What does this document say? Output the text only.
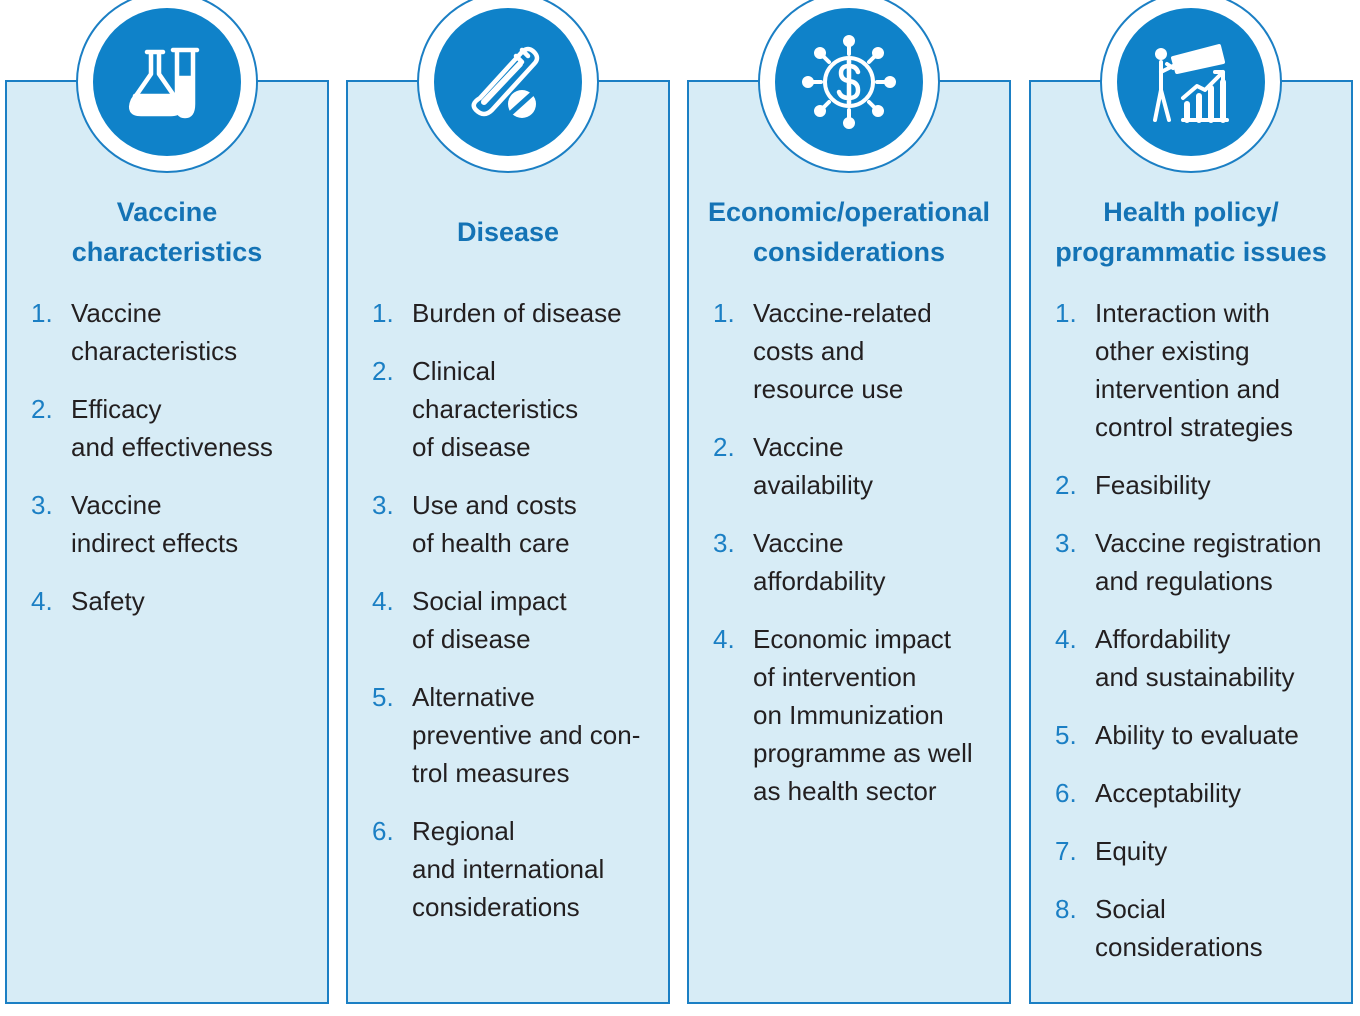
Vaccine
characteristics
1. Vaccine
characteristics
2. Efficacy
and effectiveness
3. Vaccine
indirect effects
4. Safety
Disease
1. Burden of disease
2. Clinical
characteristics
of disease
3. Use and costs
of health care
4. Social impact
of disease
5. Alternative
preventive and con-
trol measures
6. Regional
and international
considerations
Economic/operational
considerations
1. Vaccine-related
costs and
resource use
2. Vaccine
availability
3. Vaccine
affordability
4. Economic impact
of intervention
on Immunization
programme as well
as health sector
Health policy/
programmatic issues
1. Interaction with
other existing
intervention and
control strategies
2. Feasibility
3. Vaccine registration
and regulations
4. Affordability
and sustainability
5. Ability to evaluate
6. Acceptability
7. Equity
8. Social
considerations
